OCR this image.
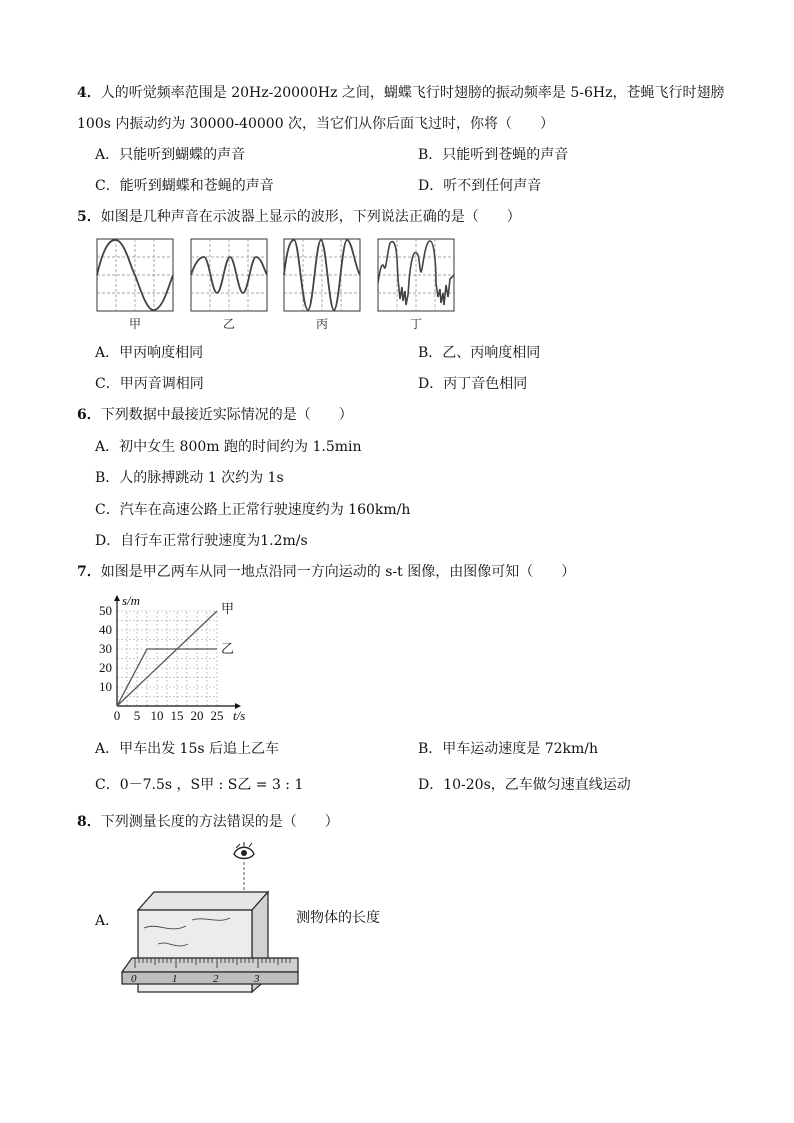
4．人的听觉频率范围是 20Hz-20000Hz 之间，蝴蝶飞行时翅膀的振动频率是 5-6Hz，苍蝇飞行时翅膀
100s 内振动约为 30000-40000 次，当它们从你后面飞过时，你将（　　）
A．只能听到蝴蝶的声音	B．只能听到苍蝇的声音
C．能听到蝴蝶和苍蝇的声音	D．听不到任何声音
5．如图是几种声音在示波器上显示的波形，下列说法正确的是（　　）
甲	乙	丙	丁
A．甲丙响度相同	B．乙、丙响度相同
C．甲丙音调相同	D．丙丁音色相同
6．下列数据中最接近实际情况的是（　　）
A．初中女生 800m 跑的时间约为 1.5min
B．人的脉搏跳动 1 次约为 1s
C．汽车在高速公路上正常行驶速度约为 160km/h
D．自行车正常行驶速度为1.2m/s
7．如图是甲乙两车从同一地点沿同一方向运动的 s-t 图像，由图像可知（　　）
甲
乙
0 5 10 15 20 25
10
20
30
40
50
t/s
s/m
A．甲车出发 15s 后追上乙车	B．甲车运动速度是 72km/h
C．0－7.5s ，S甲 : S乙 = 3 : 1	D．10-20s，乙车做匀速直线运动
8．下列测量长度的方法错误的是（　　）
A．	测物体的长度
0	1	2	3
